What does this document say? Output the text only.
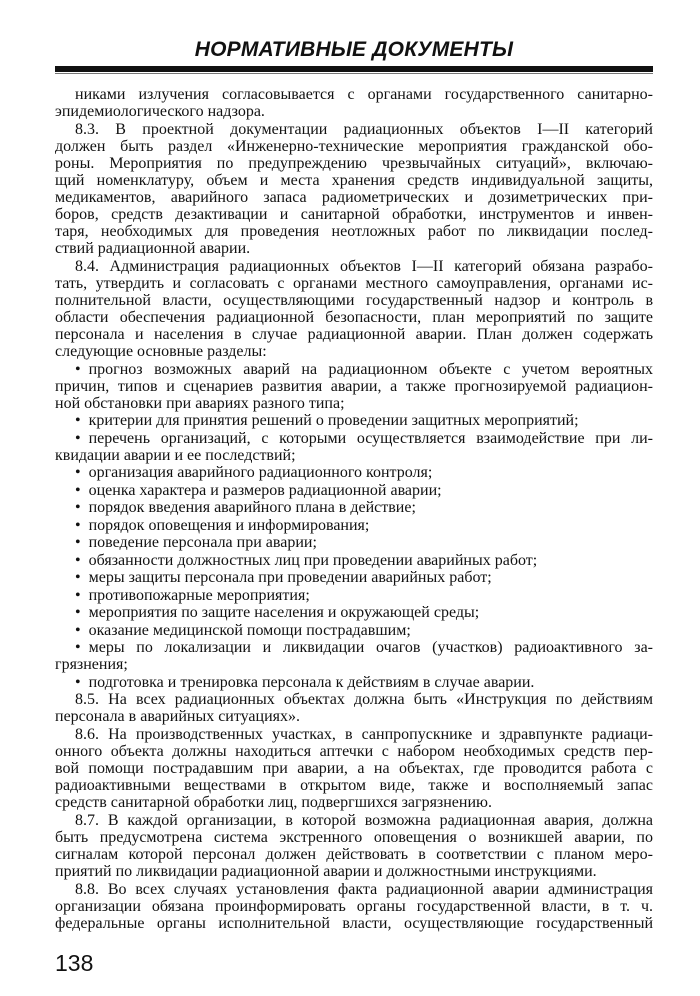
НОРМАТИВНЫЕ ДОКУМЕНТЫ
никами излучения согласовывается с органами государственного санитарно-
эпидемиологического надзора.
8.3. В проектной документации радиационных объектов I—II категорий
должен быть раздел «Инженерно-технические мероприятия гражданской обо-
роны. Мероприятия по предупреждению чрезвычайных ситуаций», включаю-
щий номенклатуру, объем и места хранения средств индивидуальной защиты,
медикаментов, аварийного запаса радиометрических и дозиметрических при-
боров, средств дезактивации и санитарной обработки, инструментов и инвен-
таря, необходимых для проведения неотложных работ по ликвидации послед-
ствий радиационной аварии.
8.4. Администрация радиационных объектов I—II категорий обязана разрабо-
тать, утвердить и согласовать с органами местного самоуправления, органами ис-
полнительной власти, осуществляющими государственный надзор и контроль в
области обеспечения радиационной безопасности, план мероприятий по защите
персонала и населения в случае радиационной аварии. План должен содержать
следующие основные разделы:
• прогноз возможных аварий на радиационном объекте с учетом вероятных
причин, типов и сценариев развития аварии, а также прогнозируемой радиацион-
ной обстановки при авариях разного типа;
• критерии для принятия решений о проведении защитных мероприятий;
• перечень организаций, с которыми осуществляется взаимодействие при ли-
квидации аварии и ее последствий;
• организация аварийного радиационного контроля;
• оценка характера и размеров радиационной аварии;
• порядок введения аварийного плана в действие;
• порядок оповещения и информирования;
• поведение персонала при аварии;
• обязанности должностных лиц при проведении аварийных работ;
• меры защиты персонала при проведении аварийных работ;
• противопожарные мероприятия;
• мероприятия по защите населения и окружающей среды;
• оказание медицинской помощи пострадавшим;
• меры по локализации и ликвидации очагов (участков) радиоактивного за-
грязнения;
• подготовка и тренировка персонала к действиям в случае аварии.
8.5. На всех радиационных объектах должна быть «Инструкция по действиям
персонала в аварийных ситуациях».
8.6. На производственных участках, в санпропускнике и здравпункте радиаци-
онного объекта должны находиться аптечки с набором необходимых средств пер-
вой помощи пострадавшим при аварии, а на объектах, где проводится работа с
радиоактивными веществами в открытом виде, также и восполняемый запас
средств санитарной обработки лиц, подвергшихся загрязнению.
8.7. В каждой организации, в которой возможна радиационная авария, должна
быть предусмотрена система экстренного оповещения о возникшей аварии, по
сигналам которой персонал должен действовать в соответствии с планом меро-
приятий по ликвидации радиационной аварии и должностными инструкциями.
8.8. Во всех случаях установления факта радиационной аварии администрация
организации обязана проинформировать органы государственной власти, в т. ч.
федеральные органы исполнительной власти, осуществляющие государственный
138
